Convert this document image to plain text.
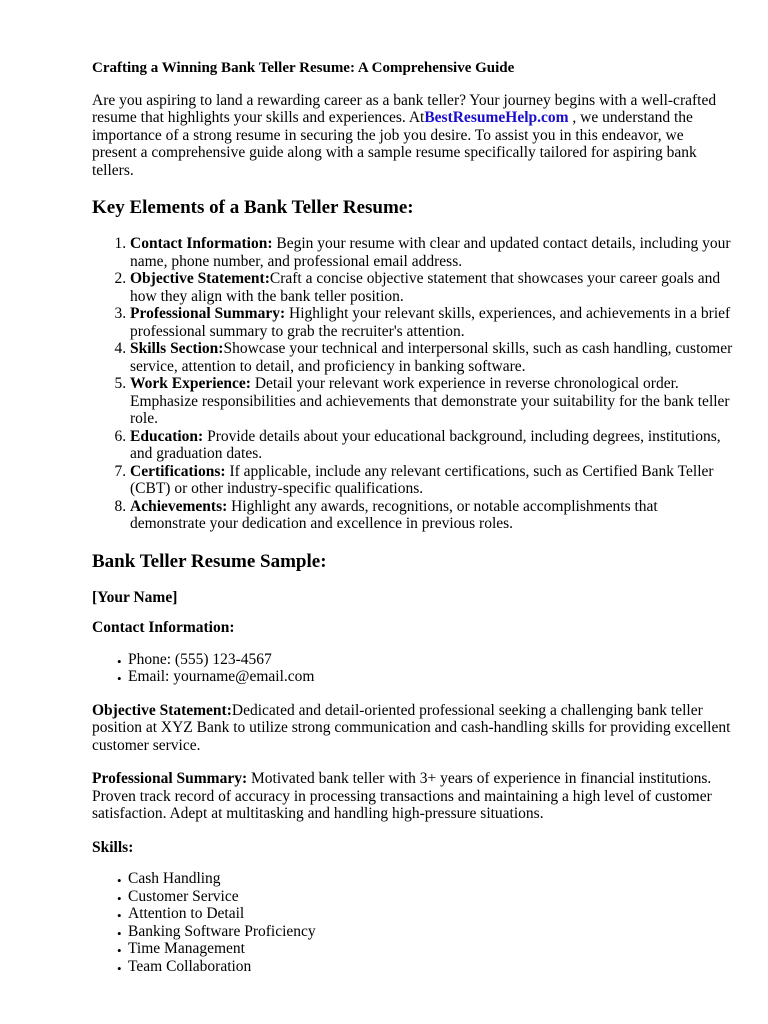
Crafting a Winning Bank Teller Resume: A Comprehensive Guide

Are you aspiring to land a rewarding career as a bank teller? Your journey begins with a well-crafted resume that highlights your skills and experiences. AtBestResumeHelp.com , we understand the importance of a strong resume in securing the job you desire. To assist you in this endeavor, we present a comprehensive guide along with a sample resume specifically tailored for aspiring bank tellers.

Key Elements of a Bank Teller Resume:
1. Contact Information: Begin your resume with clear and updated contact details, including your name, phone number, and professional email address.
2. Objective Statement:Craft a concise objective statement that showcases your career goals and how they align with the bank teller position.
3. Professional Summary: Highlight your relevant skills, experiences, and achievements in a brief professional summary to grab the recruiter's attention.
4. Skills Section:Showcase your technical and interpersonal skills, such as cash handling, customer service, attention to detail, and proficiency in banking software.
5. Work Experience: Detail your relevant work experience in reverse chronological order. Emphasize responsibilities and achievements that demonstrate your suitability for the bank teller role.
6. Education: Provide details about your educational background, including degrees, institutions, and graduation dates.
7. Certifications: If applicable, include any relevant certifications, such as Certified Bank Teller (CBT) or other industry-specific qualifications.
8. Achievements: Highlight any awards, recognitions, or notable accomplishments that demonstrate your dedication and excellence in previous roles.
Bank Teller Resume Sample:
[Your Name]
Contact Information:
• Phone: (555) 123-4567
• Email: yourname@email.com

Objective Statement:Dedicated and detail-oriented professional seeking a challenging bank teller position at XYZ Bank to utilize strong communication and cash-handling skills for providing excellent customer service.

Professional Summary: Motivated bank teller with 3+ years of experience in financial institutions. Proven track record of accuracy in processing transactions and maintaining a high level of customer satisfaction. Adept at multitasking and handling high-pressure situations.

Skills:
• Cash Handling
• Customer Service
• Attention to Detail
• Banking Software Proficiency
• Time Management
• Team Collaboration
